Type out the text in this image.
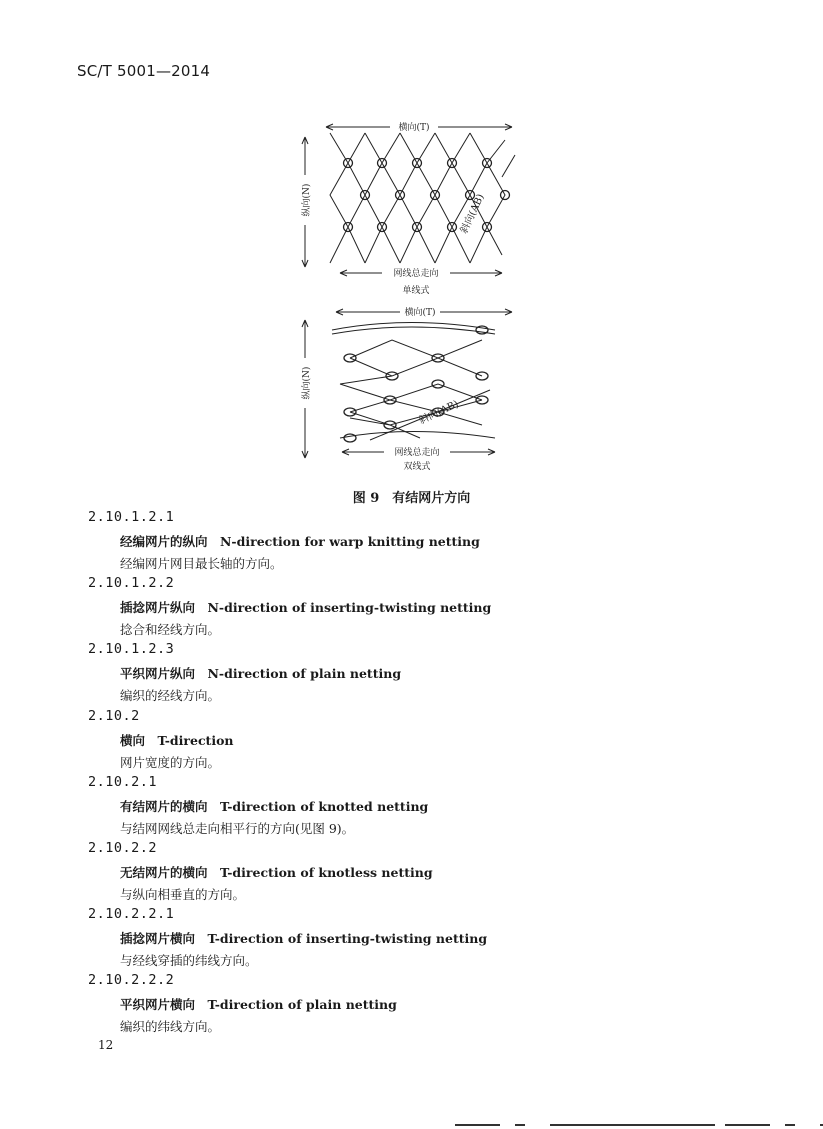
SC/T 5001—2014
横向(T)
纵向(N)	斜向(AB)
网线总走向
单线式
横向(T)
纵向(N)
斜向(AB)
网线总走向
双线式
图 9　有结网片方向
2.10.1.2.1
经编网片的纵向　N-direction for warp knitting netting
经编网片网目最长轴的方向。
2.10.1.2.2
插捻网片纵向　N-direction of inserting-twisting netting
捻合和经线方向。
2.10.1.2.3
平织网片纵向　N-direction of plain netting
编织的经线方向。
2.10.2
横向　T-direction
网片宽度的方向。
2.10.2.1
有结网片的横向　T-direction of knotted netting
与结网网线总走向相平行的方向(见图 9)。
2.10.2.2
无结网片的横向　T-direction of knotless netting
与纵向相垂直的方向。
2.10.2.2.1
插捻网片横向　T-direction of inserting-twisting netting
与经线穿插的纬线方向。
2.10.2.2.2
平织网片横向　T-direction of plain netting
编织的纬线方向。
12
